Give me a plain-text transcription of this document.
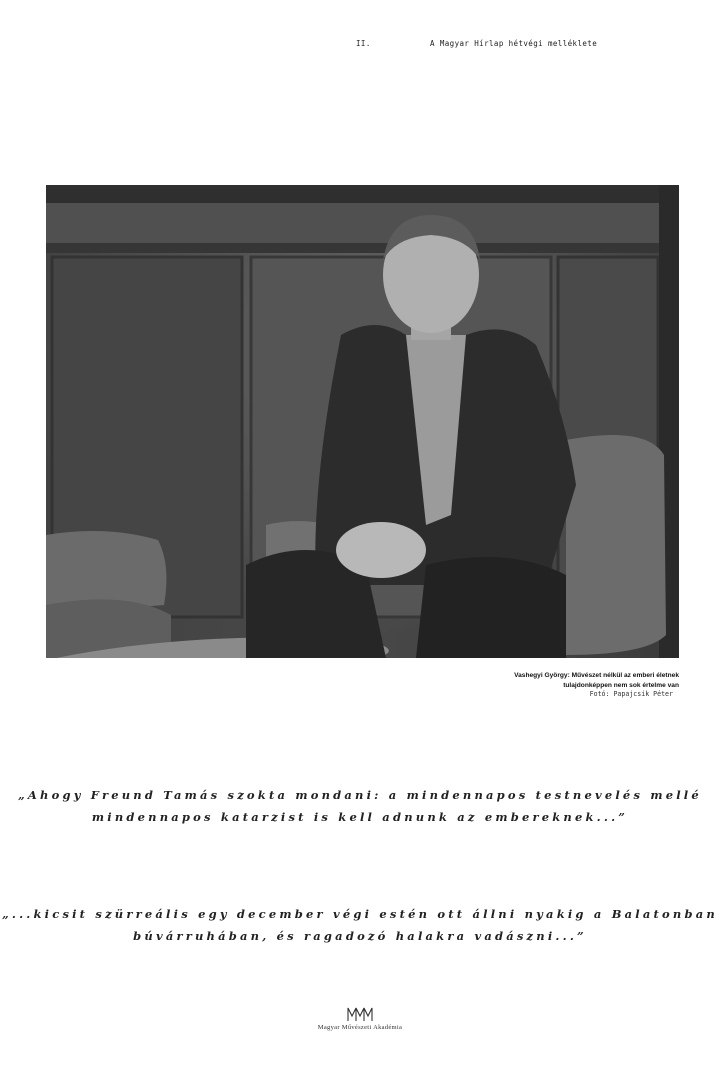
II.	A Magyar Hírlap hétvégi melléklete
Vashegyi György: Művészet nélkül az emberi életnek
tulajdonképpen nem sok értelme van
Fotó: Papajcsik Péter
„Ahogy Freund Tamás szokta mondani: a mindennapos testnevelés mellé
mindennapos katarzist is kell adnunk az embereknek...”
„...kicsit szürreális egy december végi estén ott állni nyakig a Balatonban
búvárruhában, és ragadozó halakra vadászni...”
Magyar Művészeti Akadémia
